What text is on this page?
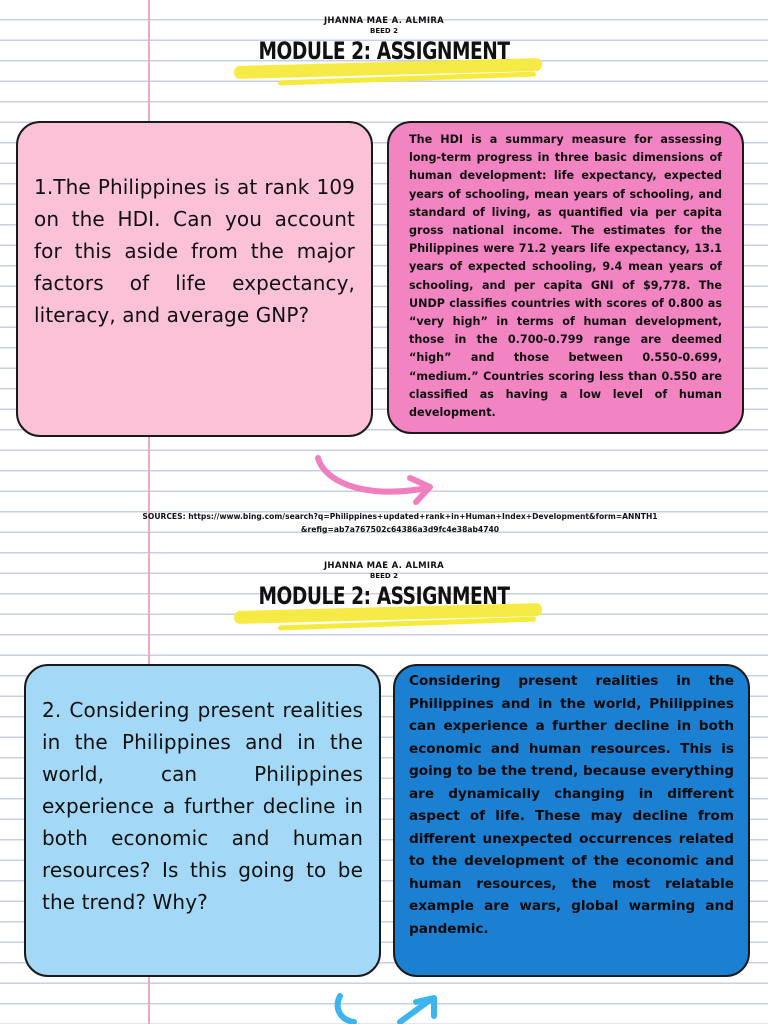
JHANNA MAE A. ALMIRA
BEED 2
MODULE 2: ASSIGNMENT
1.The Philippines is at rank 109 on the HDI. Can you account for this aside from the major factors of life expectancy, literacy, and average GNP?
The HDI is a summary measure for assessing long-term progress in three basic dimensions of human development: life expectancy, expected years of schooling, mean years of schooling, and standard of living, as quantified via per capita gross national income. The estimates for the Philippines were 71.2 years life expectancy, 13.1 years of expected schooling, 9.4 mean years of schooling, and per capita GNI of $9,778. The UNDP classifies countries with scores of 0.800 as “very high” in terms of human development, those in the 0.700-0.799 range are deemed “high” and those between 0.550-0.699, “medium.” Countries scoring less than 0.550 are classified as having a low level of human development.
SOURCES: https://www.bing.com/search?q=Philippines+updated+rank+in+Human+Index+Development&form=ANNTH1&refig=ab7a767502c64386a3d9fc4e38ab4740
JHANNA MAE A. ALMIRA
BEED 2
MODULE 2: ASSIGNMENT
2. Considering present realities in the Philippines and in the world, can Philippines experience a further decline in both economic and human resources? Is this going to be the trend? Why?
Considering present realities in the Philippines and in the world, Philippines can experience a further decline in both economic and human resources. This is going to be the trend, because everything are dynamically changing in different aspect of life. These may decline from different unexpected occurrences related to the development of the economic and human resources, the most relatable example are wars, global warming and pandemic.
